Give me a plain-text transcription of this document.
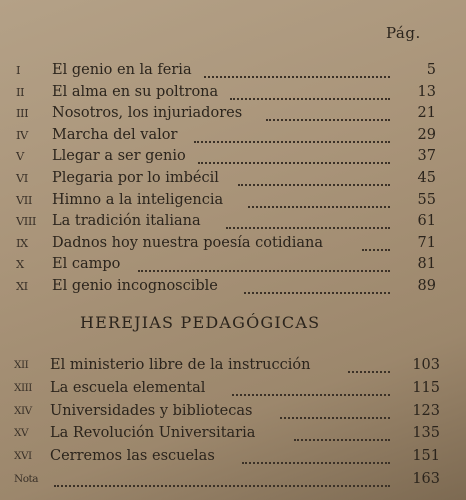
Pág.
I	El genio en la feria	5
II	El alma en su poltrona	13
III	Nosotros, los injuriadores	21
IV	Marcha del valor	29
V	Llegar a ser genio	37
VI	Plegaria por lo imbécil	45
VII	Himno a la inteligencia	55
VIII	La tradición italiana	61
IX	Dadnos hoy nuestra poesía cotidiana	71
X	El campo	81
XI	El genio incognoscible	89
HEREJIAS PEDAGÓGICAS
XII	El ministerio libre de la instrucción	103
XIII	La escuela elemental	115
XIV	Universidades y bibliotecas	123
XV	La Revolución Universitaria	135
XVI	Cerremos las escuelas	151
Nota	163
